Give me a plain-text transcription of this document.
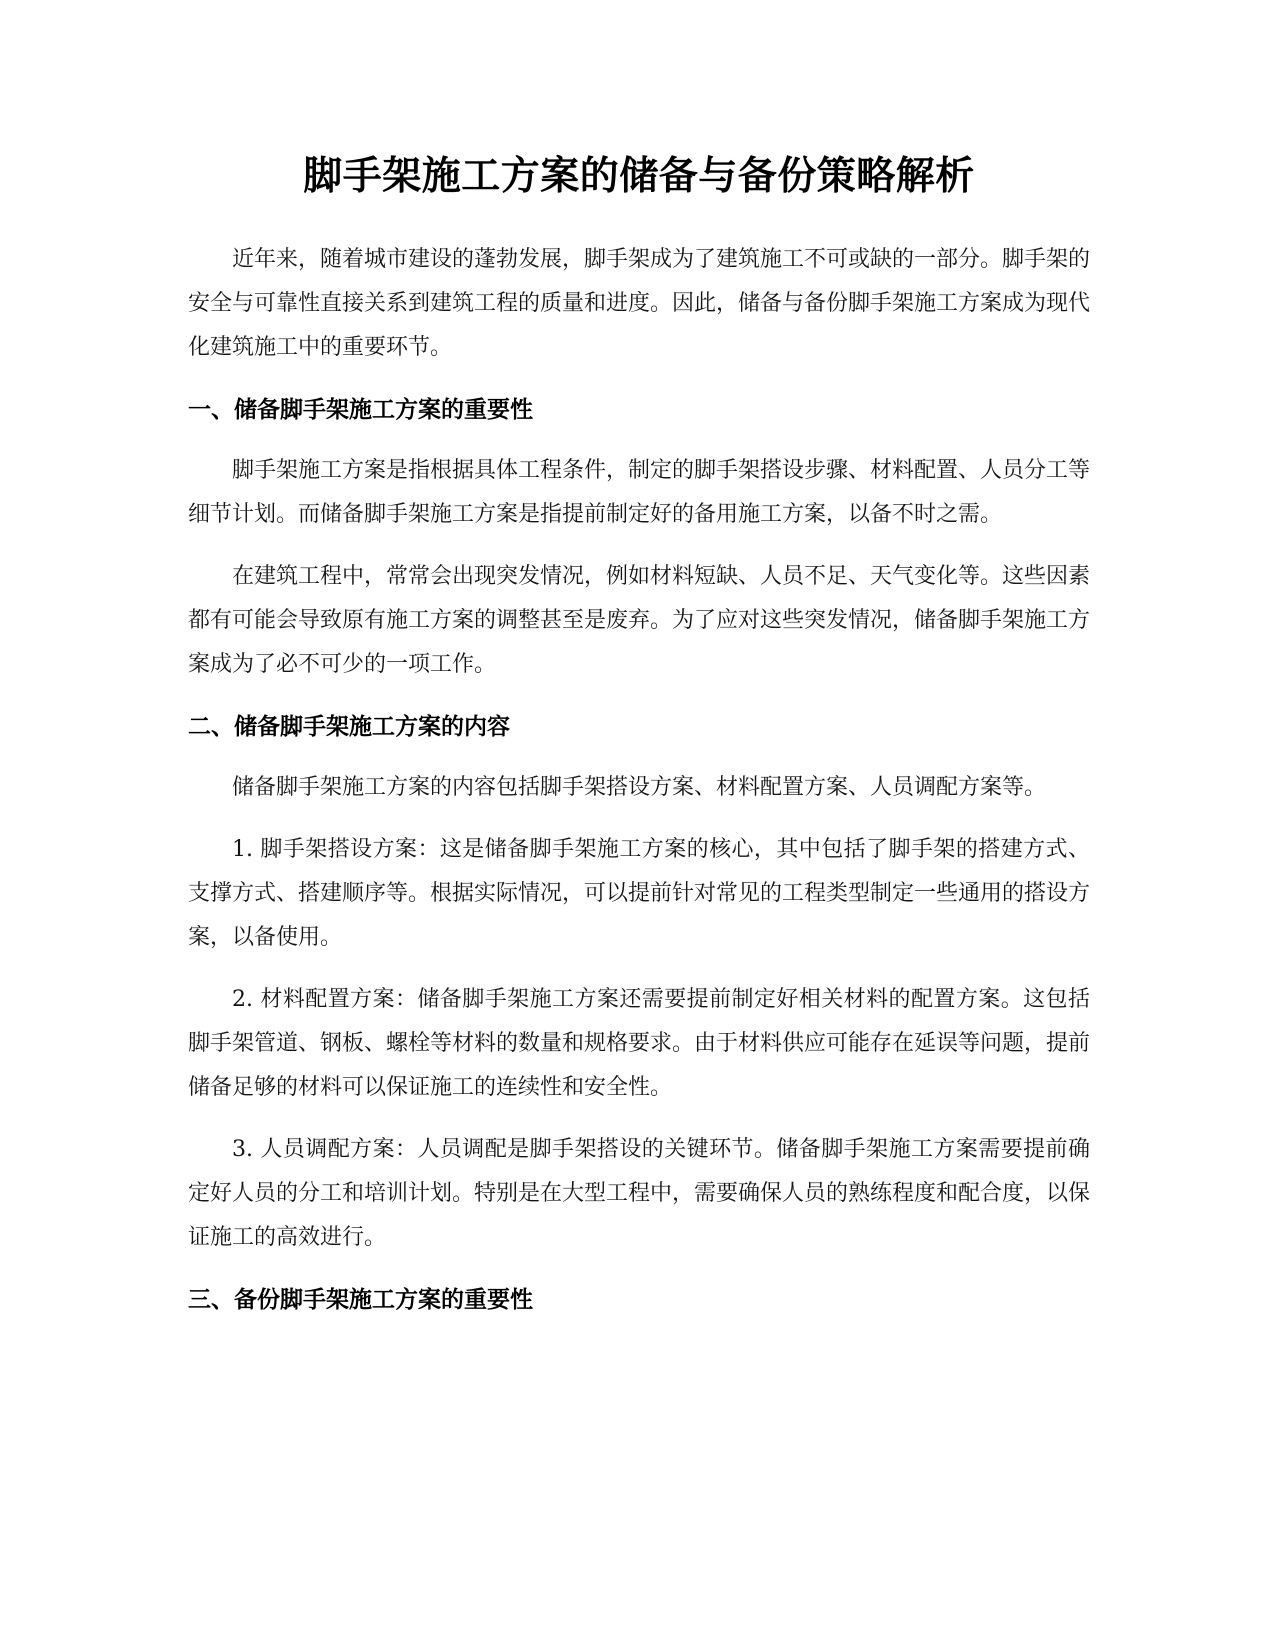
脚手架施工方案的储备与备份策略解析

近年来，随着城市建设的蓬勃发展，脚手架成为了建筑施工不可或缺的一部分。脚手架的安全与可靠性直接关系到建筑工程的质量和进度。因此，储备与备份脚手架施工方案成为现代化建筑施工中的重要环节。

一、储备脚手架施工方案的重要性

脚手架施工方案是指根据具体工程条件，制定的脚手架搭设步骤、材料配置、人员分工等细节计划。而储备脚手架施工方案是指提前制定好的备用施工方案，以备不时之需。

在建筑工程中，常常会出现突发情况，例如材料短缺、人员不足、天气变化等。这些因素都有可能会导致原有施工方案的调整甚至是废弃。为了应对这些突发情况，储备脚手架施工方案成为了必不可少的一项工作。

二、储备脚手架施工方案的内容

储备脚手架施工方案的内容包括脚手架搭设方案、材料配置方案、人员调配方案等。

1. 脚手架搭设方案：这是储备脚手架施工方案的核心，其中包括了脚手架的搭建方式、支撑方式、搭建顺序等。根据实际情况，可以提前针对常见的工程类型制定一些通用的搭设方案，以备使用。

2. 材料配置方案：储备脚手架施工方案还需要提前制定好相关材料的配置方案。这包括脚手架管道、钢板、螺栓等材料的数量和规格要求。由于材料供应可能存在延误等问题，提前储备足够的材料可以保证施工的连续性和安全性。

3. 人员调配方案：人员调配是脚手架搭设的关键环节。储备脚手架施工方案需要提前确定好人员的分工和培训计划。特别是在大型工程中，需要确保人员的熟练程度和配合度，以保证施工的高效进行。

三、备份脚手架施工方案的重要性
